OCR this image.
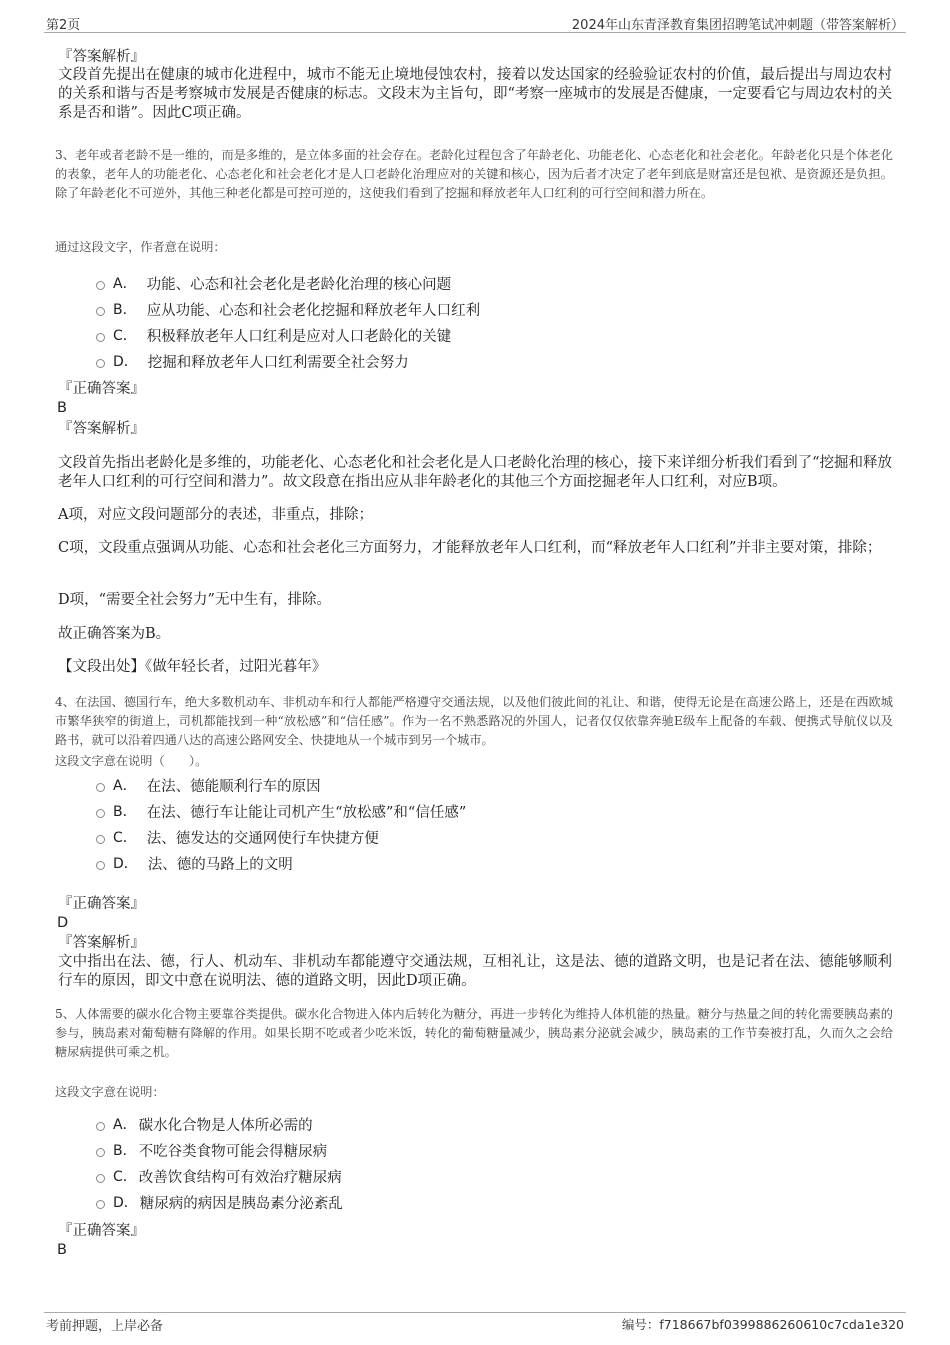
第2页	2024年山东青泽教育集团招聘笔试冲刺题（带答案解析）
『答案解析』
文段首先提出在健康的城市化进程中，城市不能无止境地侵蚀农村，接着以发达国家的经验验证农村的价值，最后提出与周边农村的关系和谐与否是考察城市发展是否健康的标志。文段末为主旨句，即“考察一座城市的发展是否健康，一定要看它与周边农村的关系是否和谐”。因此C项正确。
3、老年或者老龄不是一维的，而是多维的，是立体多面的社会存在。老龄化过程包含了年龄老化、功能老化、心态老化和社会老化。年龄老化只是个体老化的表象，老年人的功能老化、心态老化和社会老化才是人口老龄化治理应对的关键和核心，因为后者才决定了老年到底是财富还是包袱、是资源还是负担。除了年龄老化不可逆外，其他三种老化都是可控可逆的，这使我们看到了挖掘和释放老年人口红利的可行空间和潜力所在。
通过这段文字，作者意在说明：
A． 功能、心态和社会老化是老龄化治理的核心问题
B． 应从功能、心态和社会老化挖掘和释放老年人口红利
C． 积极释放老年人口红利是应对人口老龄化的关键
D． 挖掘和释放老年人口红利需要全社会努力
『正确答案』
B
『答案解析』
文段首先指出老龄化是多维的，功能老化、心态老化和社会老化是人口老龄化治理的核心，接下来详细分析我们看到了“挖掘和释放老年人口红利的可行空间和潜力”。故文段意在指出应从非年龄老化的其他三个方面挖掘老年人口红利，对应B项。
A项，对应文段问题部分的表述，非重点，排除；
C项，文段重点强调从功能、心态和社会老化三方面努力，才能释放老年人口红利，而“释放老年人口红利”并非主要对策，排除；
D项，“需要全社会努力”无中生有，排除。
故正确答案为B。
【文段出处】《做年轻长者，过阳光暮年》
4、在法国、德国行车，绝大多数机动车、非机动车和行人都能严格遵守交通法规，以及他们彼此间的礼让、和谐，使得无论是在高速公路上，还是在西欧城市繁华狭窄的街道上，司机都能找到一种“放松感”和“信任感”。作为一名不熟悉路况的外国人，记者仅仅依靠奔驰E级车上配备的车载、便携式导航仪以及路书，就可以沿着四通八达的高速公路网安全、快捷地从一个城市到另一个城市。
这段文字意在说明（　　）。
A． 在法、德能顺利行车的原因
B． 在法、德行车让能让司机产生“放松感”和“信任感”
C． 法、德发达的交通网使行车快捷方便
D． 法、德的马路上的文明
『正确答案』
D
『答案解析』
文中指出在法、德，行人、机动车、非机动车都能遵守交通法规，互相礼让，这是法、德的道路文明，也是记者在法、德能够顺利行车的原因，即文中意在说明法、德的道路文明，因此D项正确。
5、人体需要的碳水化合物主要靠谷类提供。碳水化合物进入体内后转化为糖分，再进一步转化为维持人体机能的热量。糖分与热量之间的转化需要胰岛素的参与，胰岛素对葡萄糖有降解的作用。如果长期不吃或者少吃米饭，转化的葡萄糖量减少，胰岛素分泌就会减少，胰岛素的工作节奏被打乱，久而久之会给糖尿病提供可乘之机。
这段文字意在说明：
A． 碳水化合物是人体所必需的
B． 不吃谷类食物可能会得糖尿病
C． 改善饮食结构可有效治疗糖尿病
D． 糖尿病的病因是胰岛素分泌紊乱
『正确答案』
B
考前押题，上岸必备	编号：f718667bf0399886260610c7cda1e320
